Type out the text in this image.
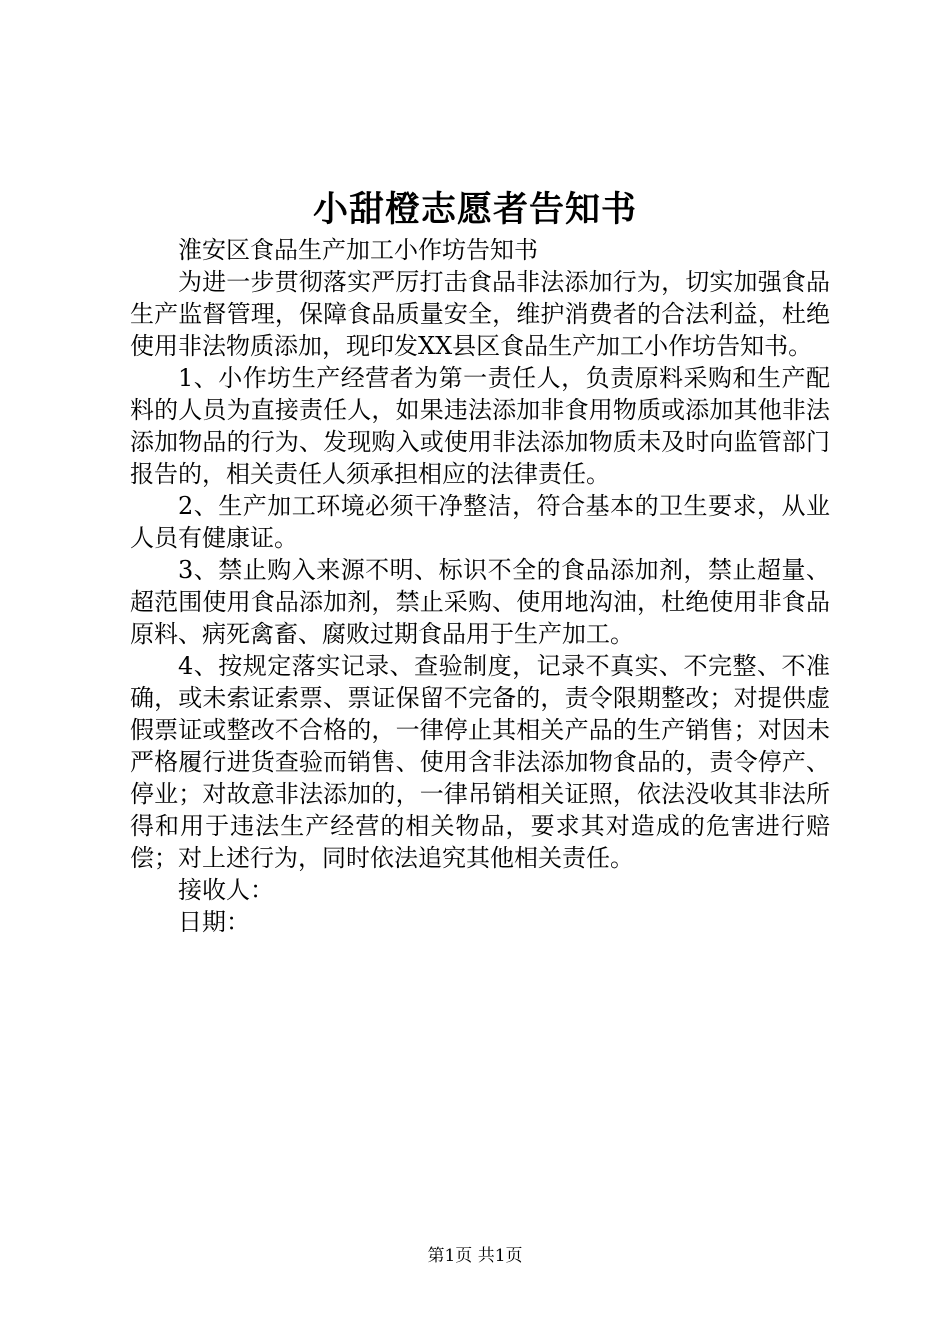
小甜橙志愿者告知书

淮安区食品生产加工小作坊告知书

为进一步贯彻落实严厉打击食品非法添加行为，切实加强食品生产监督管理，保障食品质量安全，维护消费者的合法利益，杜绝使用非法物质添加，现印发XX县区食品生产加工小作坊告知书。

1、小作坊生产经营者为第一责任人，负责原料采购和生产配料的人员为直接责任人，如果违法添加非食用物质或添加其他非法添加物品的行为、发现购入或使用非法添加物质未及时向监管部门报告的，相关责任人须承担相应的法律责任。

2、生产加工环境必须干净整洁，符合基本的卫生要求，从业人员有健康证。

3、禁止购入来源不明、标识不全的食品添加剂，禁止超量、超范围使用食品添加剂，禁止采购、使用地沟油，杜绝使用非食品原料、病死禽畜、腐败过期食品用于生产加工。

4、按规定落实记录、查验制度，记录不真实、不完整、不准确，或未索证索票、票证保留不完备的，责令限期整改；对提供虚假票证或整改不合格的，一律停止其相关产品的生产销售；对因未严格履行进货查验而销售、使用含非法添加物食品的，责令停产、停业；对故意非法添加的，一律吊销相关证照，依法没收其非法所得和用于违法生产经营的相关物品，要求其对造成的危害进行赔偿；对上述行为，同时依法追究其他相关责任。

接收人：

日期：

第1页 共1页
